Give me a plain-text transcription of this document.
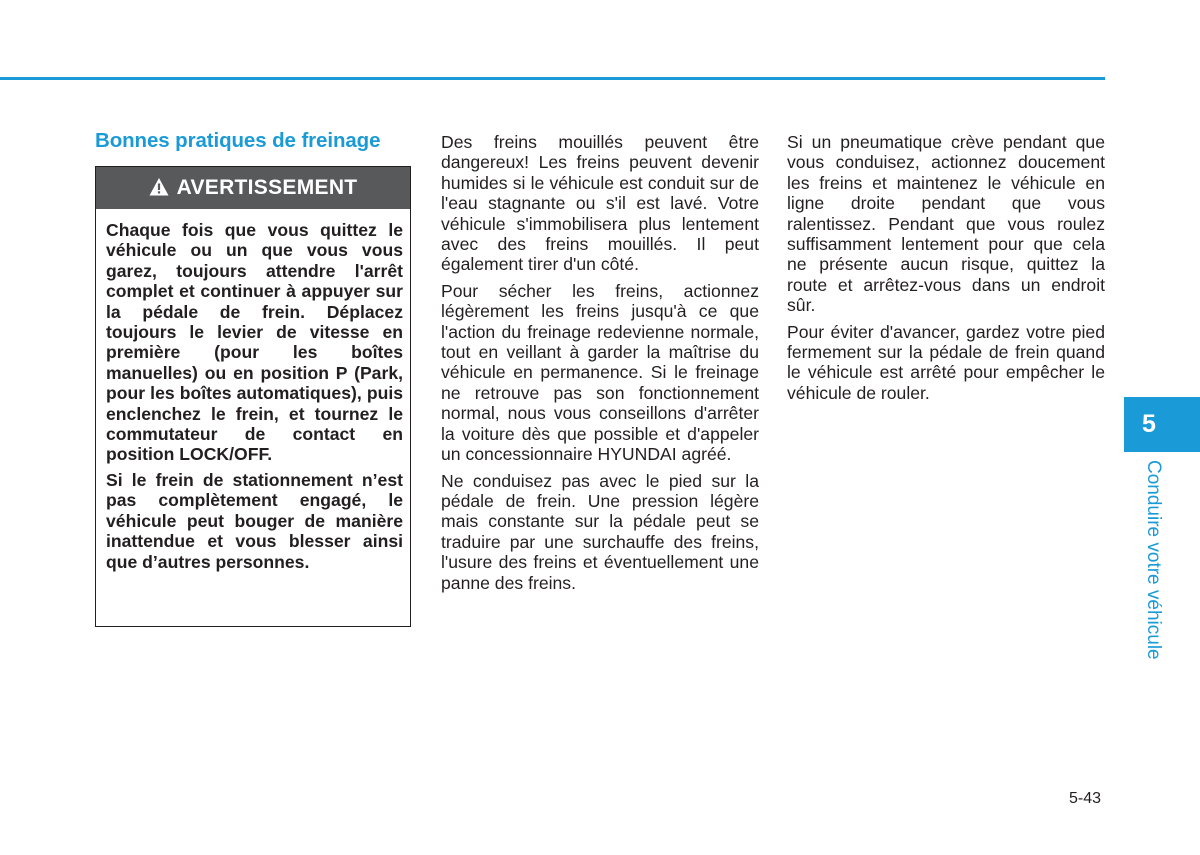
Bonnes pratiques de freinage
AVERTISSEMENT

Chaque fois que vous quittez le véhicule ou un que vous vous garez, toujours attendre l'arrêt complet et continuer à appuyer sur la pédale de frein. Déplacez toujours le levier de vitesse en première (pour les boîtes manuelles) ou en position P (Park, pour les boîtes automatiques), puis enclenchez le frein, et tournez le commutateur de contact en position LOCK/​OFF.

Si le frein de stationnement n’est pas complètement engagé, le véhicule peut bouger de manière inattendue et vous blesser ainsi que d’autres personnes.

Des freins mouillés peuvent être dangereux! Les freins peuvent devenir humides si le véhicule est conduit sur de l'eau stagnante ou s'il est lavé. Votre véhicule s'immobilisera plus lentement avec des freins mouillés. Il peut également tirer d'un côté.

Pour sécher les freins, actionnez légèrement les freins jusqu'à ce que l'action du freinage redevienne normale, tout en veillant à garder la maîtrise du véhicule en permanence. Si le freinage ne retrouve pas son fonctionnement normal, nous vous conseillons d'arrêter la voiture dès que possible et d'appeler un concessionnaire HYUNDAI agréé.

Ne conduisez pas avec le pied sur la pédale de frein. Une pression légère mais constante sur la pédale peut se traduire par une surchauffe des freins, l'usure des freins et éventuellement une panne des freins.

Si un pneumatique crève pendant que vous conduisez, actionnez doucement les freins et maintenez le véhicule en ligne droite pendant que vous ralentissez. Pendant que vous roulez suffisamment lentement pour que cela ne présente aucun risque, quittez la route et arrêtez-vous dans un endroit sûr.

Pour éviter d'avancer, gardez votre pied fermement sur la pédale de frein quand le véhicule est arrêté pour empêcher le véhicule de rouler.

5
Conduire votre véhicule
5-43
